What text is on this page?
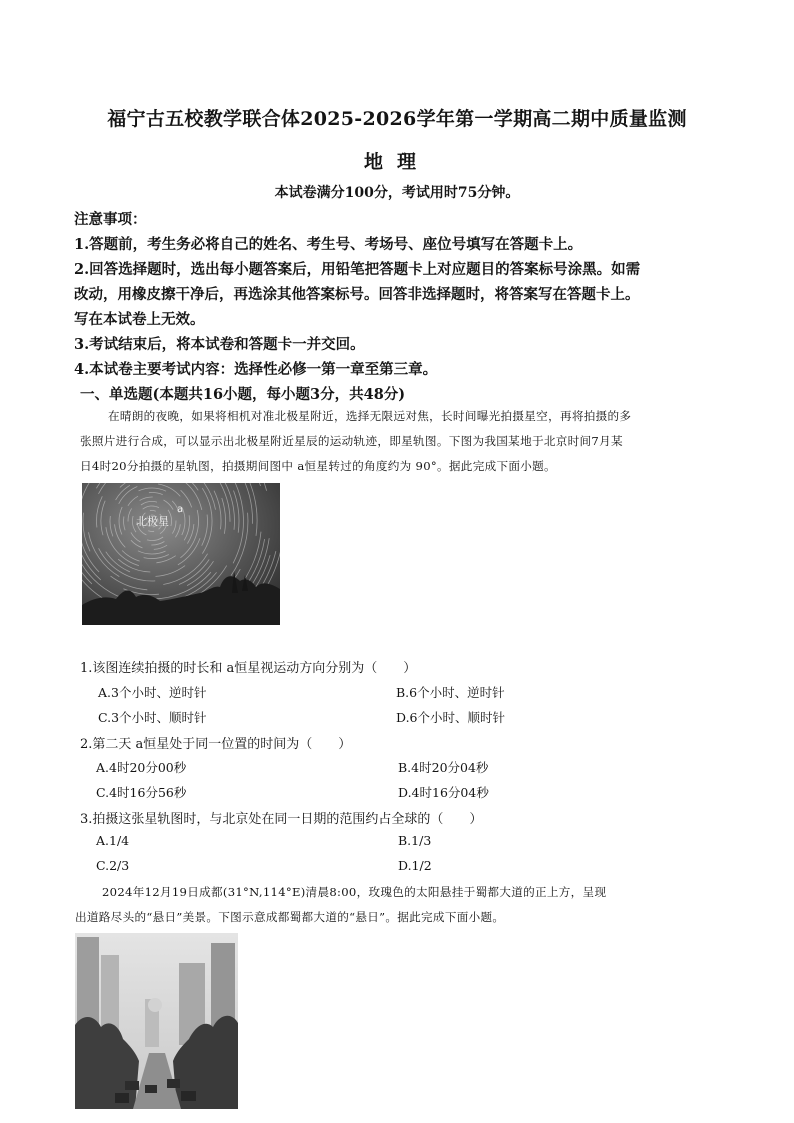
福宁古五校教学联合体2025-2026学年第一学期高二期中质量监测
地理
本试卷满分100分，考试用时75分钟。
注意事项：
1.答题前，考生务必将自己的姓名、考生号、考场号、座位号填写在答题卡上。
2.回答选择题时，选出每小题答案后，用铅笔把答题卡上对应题目的答案标号涂黑。如需
改动，用橡皮擦干净后，再选涂其他答案标号。回答非选择题时，将答案写在答题卡上。
写在本试卷上无效。
3.考试结束后，将本试卷和答题卡一并交回。
4.本试卷主要考试内容：选择性必修一第一章至第三章。
一、单选题(本题共16小题，每小题3分，共48分)
在晴朗的夜晚，如果将相机对准北极星附近，选择无限远对焦，长时间曝光拍摄星空，再将拍摄的多
张照片进行合成，可以显示出北极星附近星辰的运动轨迹，即星轨图。下图为我国某地于北京时间7月某
日4时20分拍摄的星轨图，拍摄期间图中 a恒星转过的角度约为 90°。据此完成下面小题。
北极星
a
1.该图连续拍摄的时长和 a恒星视运动方向分别为（　　）
A.3个小时、逆时针	B.6个小时、逆时针
C.3个小时、顺时针	D.6个小时、顺时针
2.第二天 a恒星处于同一位置的时间为（　　）
A.4时20分00秒	B.4时20分04秒
C.4时16分56秒	D.4时16分04秒
3.拍摄这张星轨图时，与北京处在同一日期的范围约占全球的（　　）
A.1/4	B.1/3
C.2/3	D.1/2
2024年12月19日成都(31°N,114°E)清晨8:00，玫瑰色的太阳悬挂于蜀都大道的正上方，呈现
出道路尽头的“悬日”美景。下图示意成都蜀都大道的“悬日”。据此完成下面小题。
